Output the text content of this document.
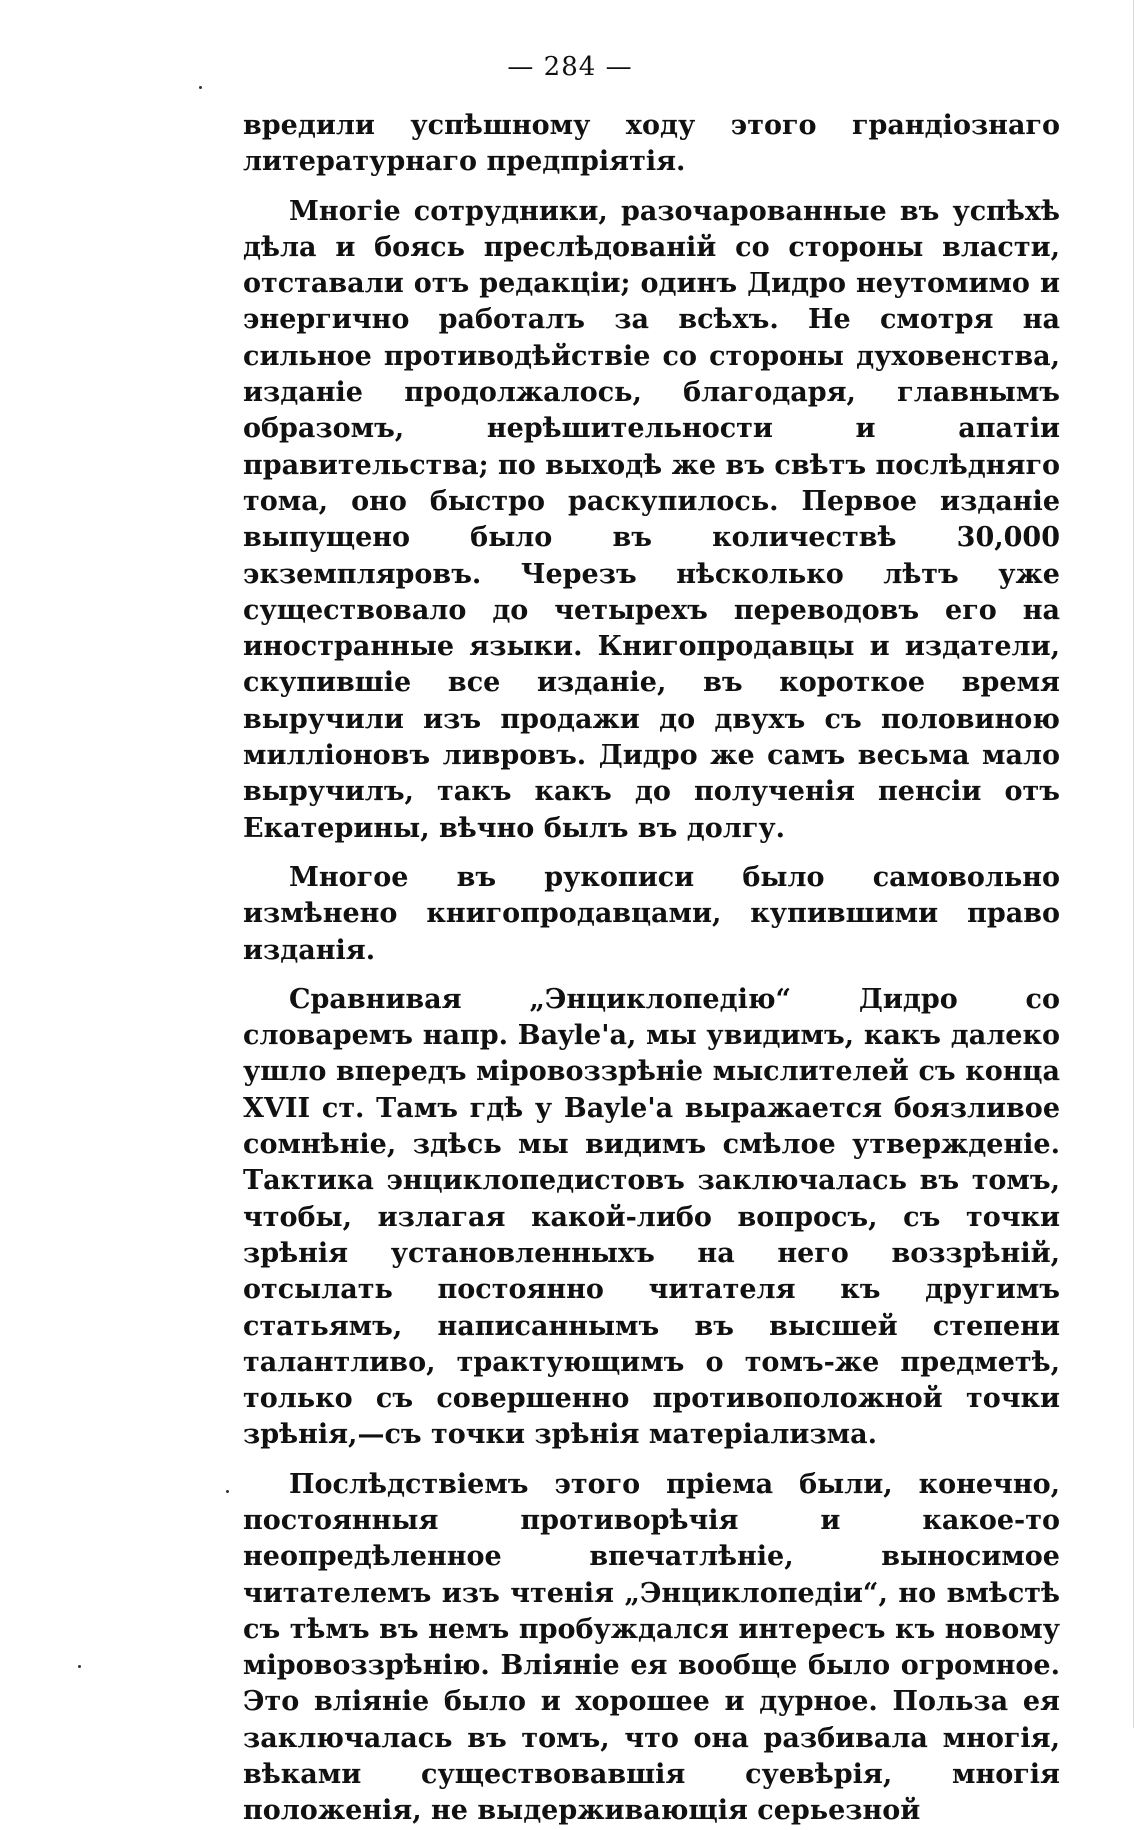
— 284 —

вредили успѣшному ходу этого грандіознаго литературнаго предпріятія.

Многіе сотрудники, разочарованные въ успѣхѣ дѣла и боясь преслѣдованій со стороны власти, отставали отъ редакціи; одинъ Дидро неутомимо и энергично работалъ за всѣхъ. Не смотря на сильное противодѣйствіе со стороны духовенства, изданіе продолжалось, благодаря, главнымъ образомъ, нерѣшительности и апатіи правительства; по выходѣ же въ свѣтъ послѣдняго тома, оно быстро раскупилось. Первое изданіе выпущено было въ количествѣ 30,000 экземпляровъ. Черезъ нѣсколько лѣтъ уже существовало до четырехъ переводовъ его на иностранные языки. Книгопродавцы и издатели, скупившіе все изданіе, въ короткое время выручили изъ продажи до двухъ съ половиною милліоновъ ливровъ. Дидро же самъ весьма мало выручилъ, такъ какъ до полученія пенсіи отъ Екатерины, вѣчно былъ въ долгу.

Многое въ рукописи было самовольно измѣнено книгопродавцами, купившими право изданія.

Сравнивая „Энциклопедію“ Дидро со словаремъ напр. Bayle'а, мы увидимъ, какъ далеко ушло впередъ міровоззрѣніе мыслителей съ конца XVII ст. Тамъ гдѣ у Bayle'а выражается боязливое сомнѣніе, здѣсь мы видимъ смѣлое утвержденіе. Тактика энциклопедистовъ заключалась въ томъ, чтобы, излагая какой-либо вопросъ, съ точки зрѣнія установленныхъ на него воззрѣній, отсылать постоянно читателя къ другимъ статьямъ, написаннымъ въ высшей степени талантливо, трактующимъ о томъ-же предметѣ, только съ совершенно противоположной точки зрѣнія,—съ точки зрѣнія матеріализма.

Послѣдствіемъ этого пріема были, конечно, постоянныя противорѣчія и какое-то неопредѣленное впечатлѣніе, выносимое читателемъ изъ чтенія „Энциклопедіи“, но вмѣстѣ съ тѣмъ въ немъ пробуждался интересъ къ новому міровоззрѣнію. Вліяніе ея вообще было огромное. Это вліяніе было и хорошее и дурное. Польза ея заключалась въ томъ, что она разбивала многія, вѣками существовавшія суевѣрія, многія положенія, не выдерживающія серьезной
